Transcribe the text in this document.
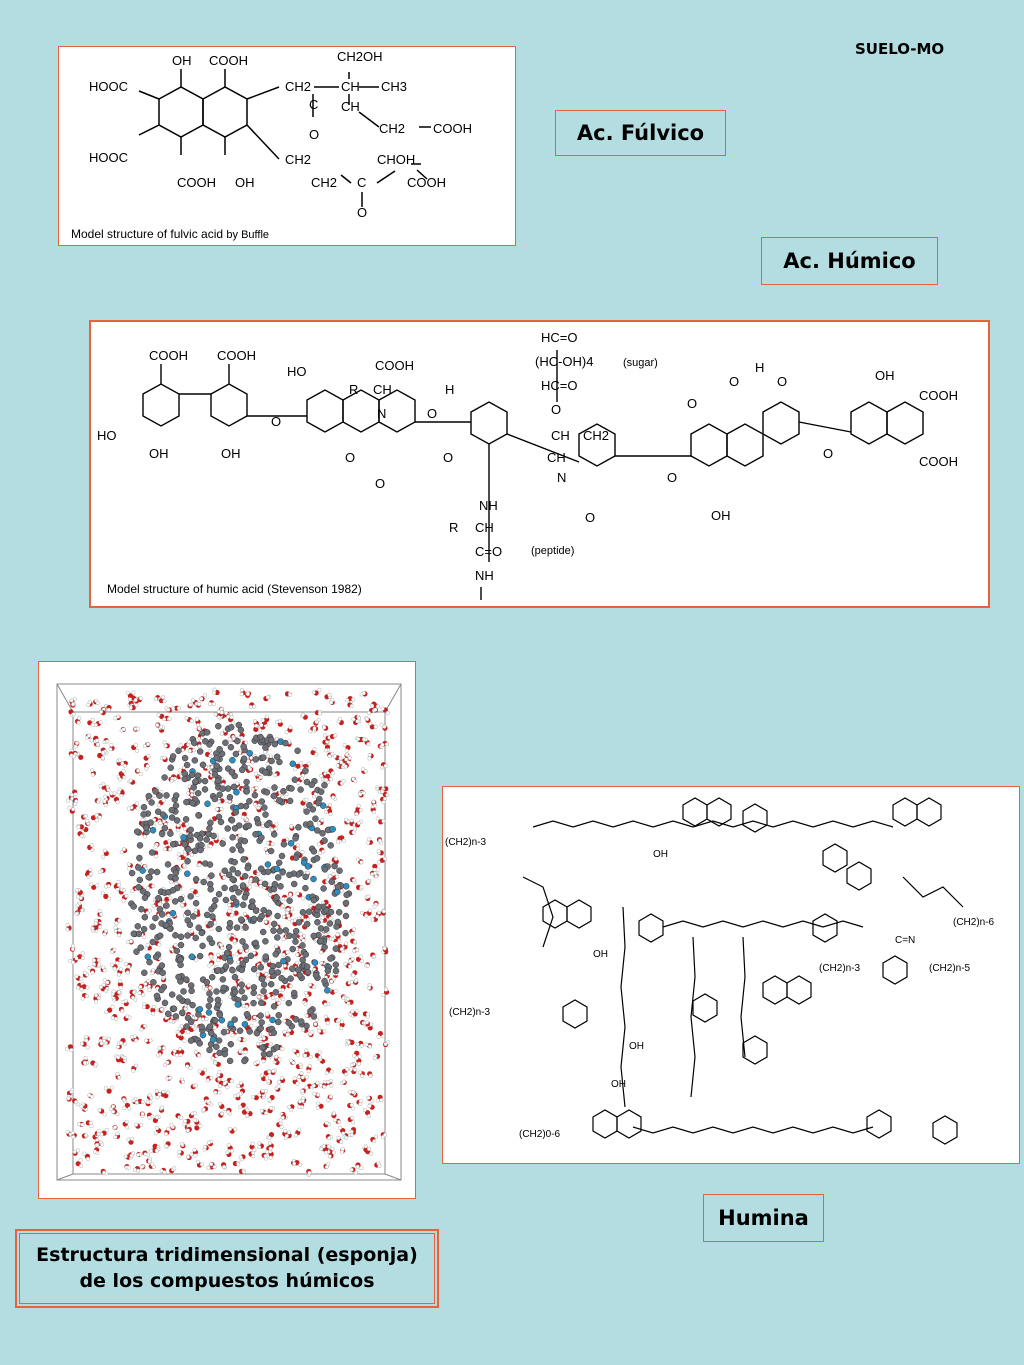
SUELO-MO
OH COOH
HOOC
HOOC
COOH OH
CH2OH
CH2 CH CH3
C
O
CH
CH2 COOH
CH2	CHOH
CH2 C
O
COOH
Model structure of fulvic acid by Buffle
Ac. Fúlvico
Ac. Húmico
COOH COOH
HO
OH	OH
HO	COOH
R CH
N	O
H
O
O
O
O
HC=O
(HC-OH)4
HC=O
(sugar)
O
CH CH2
CH
N
NH
R CH
C=O	(peptide)
NH
O
O
O
H
O
O
OH
COOH
COOH
O
OH
Model structure of humic acid (Stevenson 1982)
Estructura tridimensional (esponja)
de los compuestos húmicos
(CH2)n-3
(CH2)n-3
(CH2)n-3	(CH2)n-5
(CH2)0-6
(CH2)n-6
OH
OH
OH
OH
C=N
Humina
